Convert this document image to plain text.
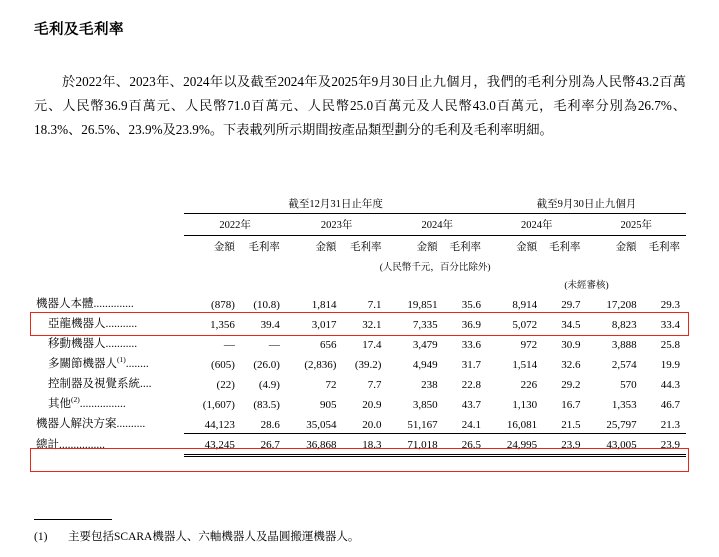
毛利及毛利率
於2022年、2023年、2024年以及截至2024年及2025年9月30日止九個月，我們的毛利分別為人民幣43.2百萬元、人民幣36.9百萬元、人民幣71.0百萬元、人民幣25.0百萬元及人民幣43.0百萬元，毛利率分別為26.7%、18.3%、26.5%、23.9%及23.9%。下表載列所示期間按產品類型劃分的毛利及毛利率明細。
	截至12月31日止年度						截至9月30日止九個月			
	2022年		2023年		2024年		2024年		2025年	
	金額	毛利率	金額	毛利率	金額	毛利率	金額	毛利率	金額	毛利率
	(人民幣千元，百分比除外)									
							(未經審核)			
機器人本體..............	(878)	(10.8)	1,814	7.1	19,851	35.6	8,914	29.7	17,208	29.3
亞龍機器人...........	1,356	39.4	3,017	32.1	7,335	36.9	5,072	34.5	8,823	33.4
移動機器人...........	—	—	656	17.4	3,479	33.6	972	30.9	3,888	25.8
多關節機器人$^{(1)}$........	(605)	(26.0)	(2,836)	(39.2)	4,949	31.7	1,514	32.6	2,574	19.9
控制器及視覺系統....	(22)	(4.9)	72	7.7	238	22.8	226	29.2	570	44.3
其他$^{(2)}$................	(1,607)	(83.5)	905	20.9	3,850	43.7	1,130	16.7	1,353	46.7
機器人解決方案..........	44,123	28.6	35,054	20.0	51,167	24.1	16,081	21.5	25,797	21.3
總計................	43,245	26.7	36,868	18.3	71,018	26.5	24,995	23.9	43,005	23.9
(1) 主要包括SCARA機器人、六軸機器人及晶圓搬運機器人。
